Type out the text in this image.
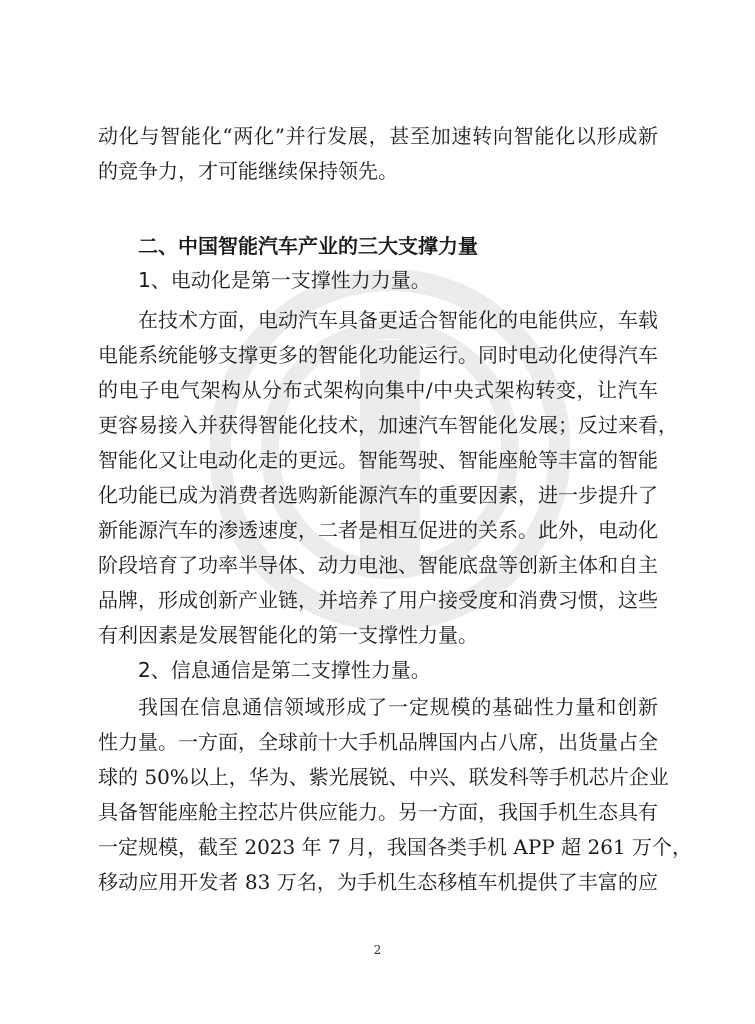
动化与智能化“两化”并行发展，甚至加速转向智能化以形成新
的竞争力，才可能继续保持领先。
二、中国智能汽车产业的三大支撑力量
1、电动化是第一支撑性力力量。
在技术方面，电动汽车具备更适合智能化的电能供应，车载
电能系统能够支撑更多的智能化功能运行。同时电动化使得汽车
的电子电气架构从分布式架构向集中/中央式架构转变，让汽车
更容易接入并获得智能化技术，加速汽车智能化发展；反过来看，
智能化又让电动化走的更远。智能驾驶、智能座舱等丰富的智能
化功能已成为消费者选购新能源汽车的重要因素，进一步提升了
新能源汽车的渗透速度，二者是相互促进的关系。此外，电动化
阶段培育了功率半导体、动力电池、智能底盘等创新主体和自主
品牌，形成创新产业链，并培养了用户接受度和消费习惯，这些
有利因素是发展智能化的第一支撑性力量。
2、信息通信是第二支撑性力量。
我国在信息通信领域形成了一定规模的基础性力量和创新
性力量。一方面，全球前十大手机品牌国内占八席，出货量占全
球的 50%以上，华为、紫光展锐、中兴、联发科等手机芯片企业
具备智能座舱主控芯片供应能力。另一方面，我国手机生态具有
一定规模，截至 2023 年 7 月，我国各类手机 APP 超 261 万个，
移动应用开发者 83 万名，为手机生态移植车机提供了丰富的应
2
